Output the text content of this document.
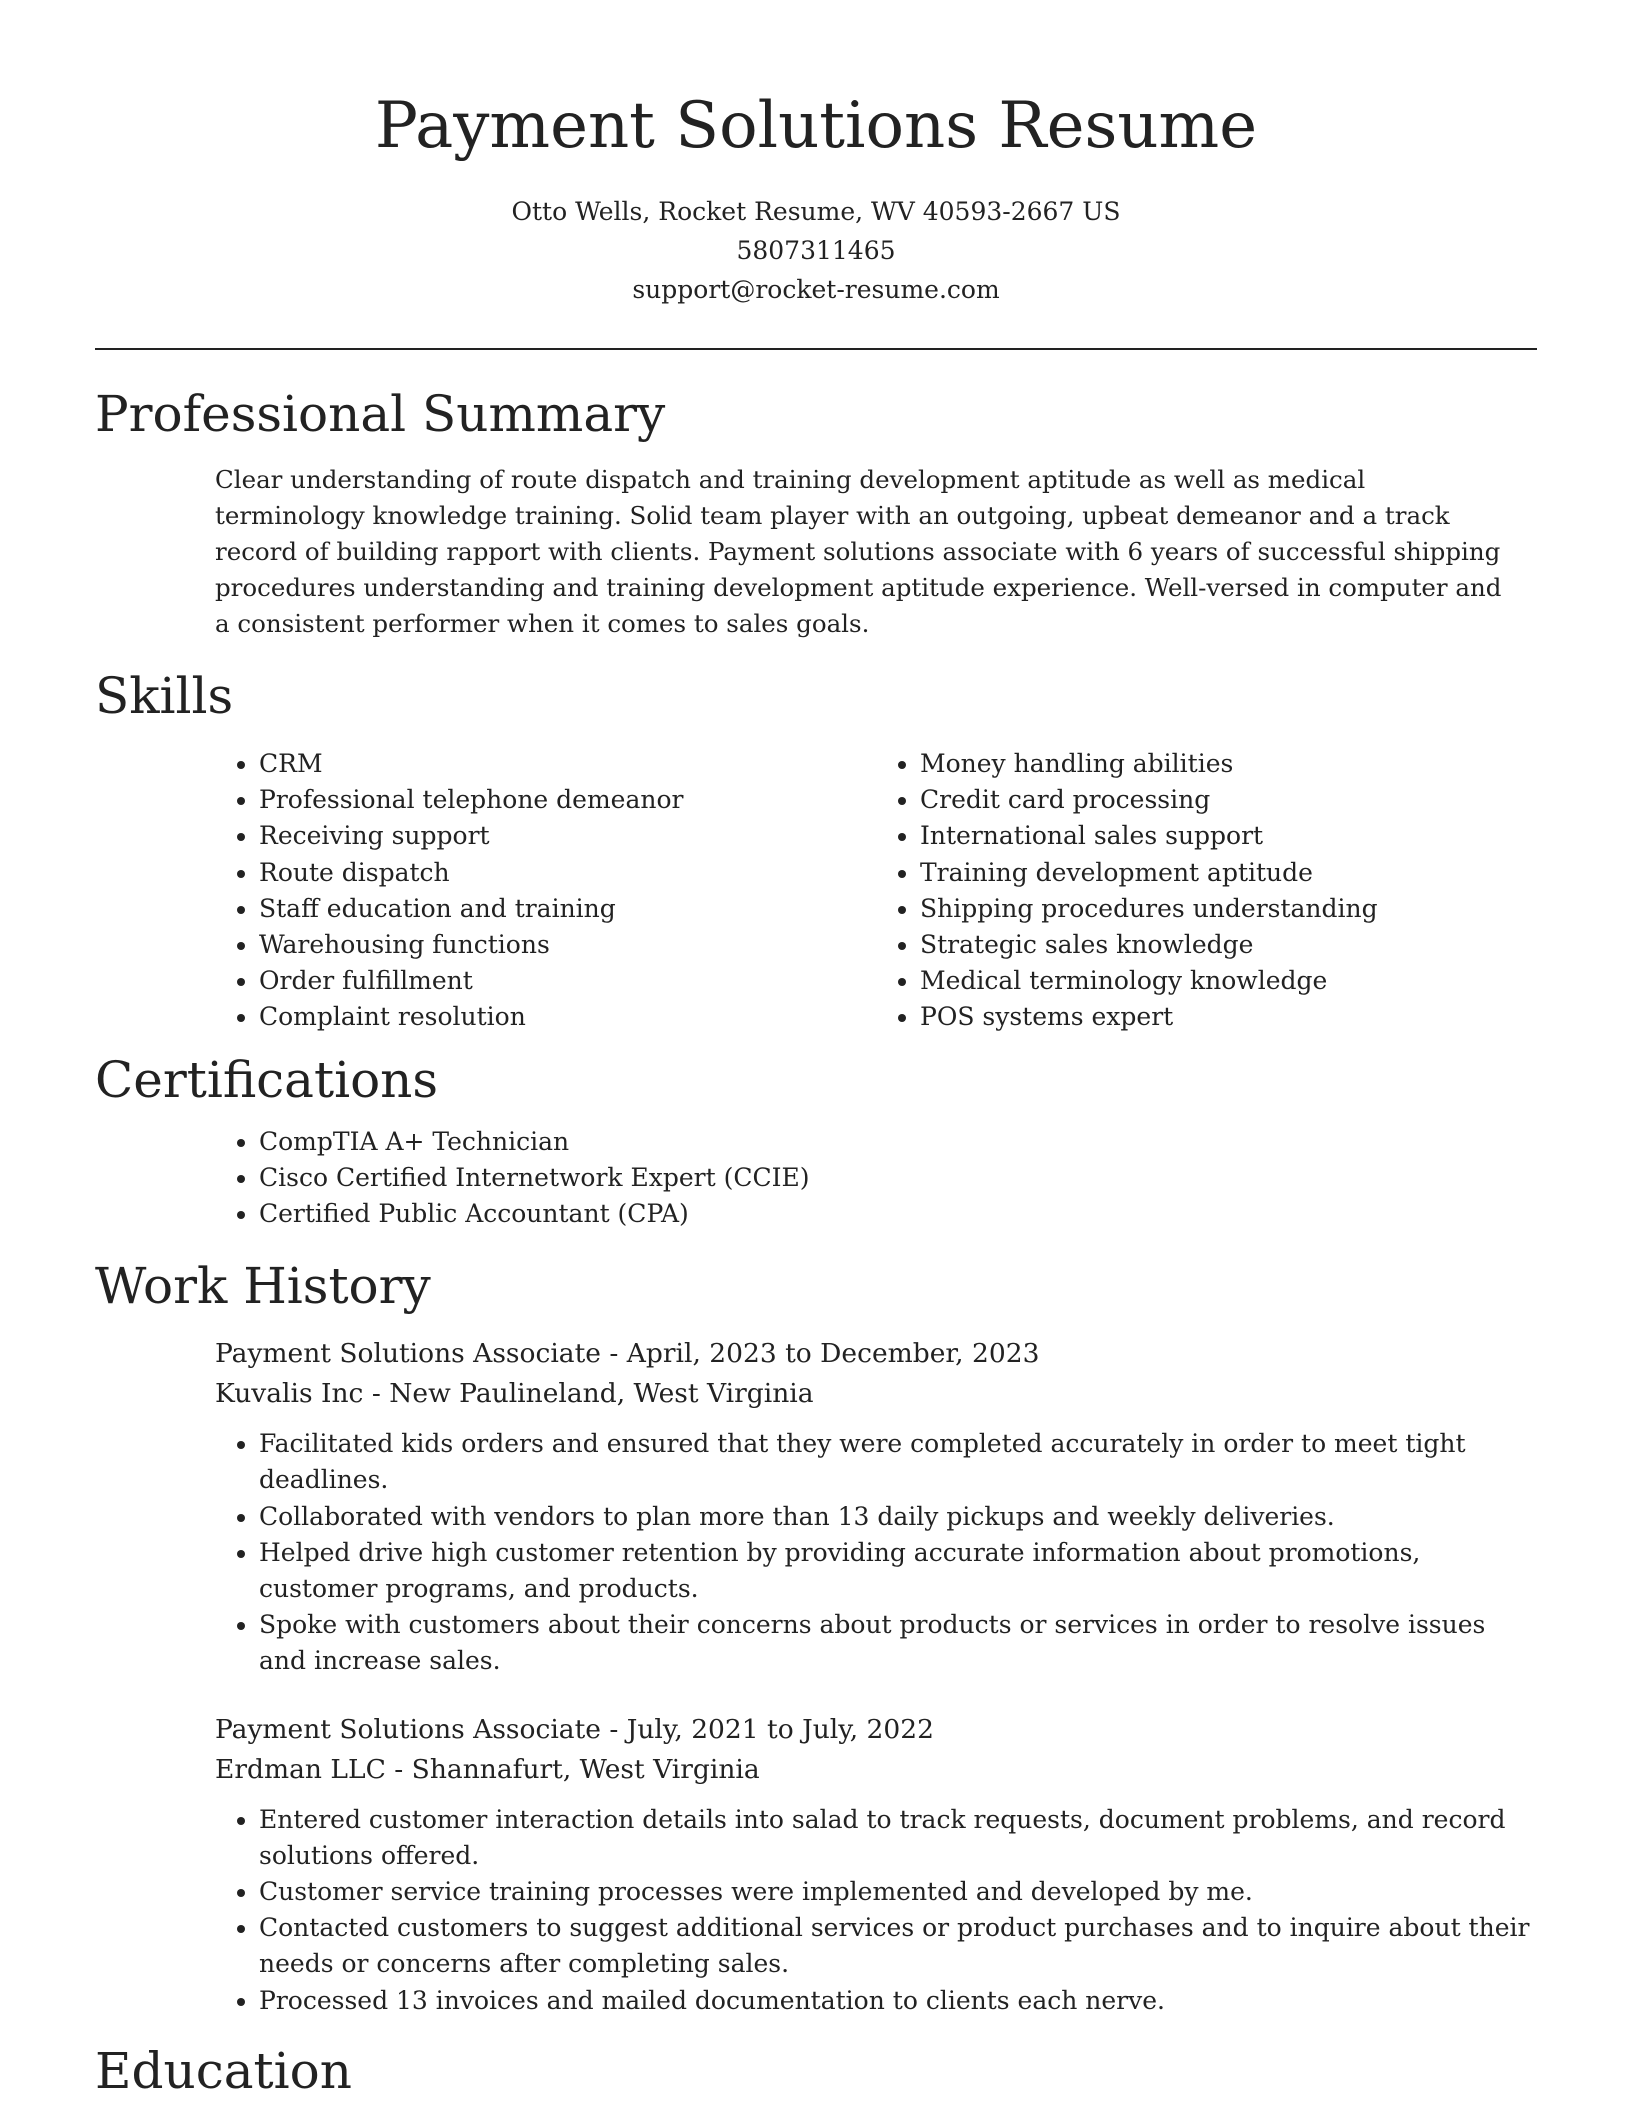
Payment Solutions Resume
Otto Wells, Rocket Resume, WV 40593-2667 US
5807311465
support@rocket-resume.com
Professional Summary

Clear understanding of route dispatch and training development aptitude as well as medical terminology knowledge training. Solid team player with an outgoing, upbeat demeanor and a track record of building rapport with clients. Payment solutions associate with 6 years of successful shipping procedures understanding and training development aptitude experience. Well-versed in computer and a consistent performer when it comes to sales goals.

Skills
• CRM
• Professional telephone demeanor
• Receiving support
• Route dispatch
• Staff education and training
• Warehousing functions
• Order fulfillment
• Complaint resolution
• Money handling abilities
• Credit card processing
• International sales support
• Training development aptitude
• Shipping procedures understanding
• Strategic sales knowledge
• Medical terminology knowledge
• POS systems expert
Certifications
• CompTIA A+ Technician
• Cisco Certified Internetwork Expert (CCIE)
• Certified Public Accountant (CPA)
Work History
Payment Solutions Associate - April, 2023 to December, 2023
Kuvalis Inc - New Paulineland, West Virginia
• Facilitated kids orders and ensured that they were completed accurately in order to meet tight deadlines.
• Collaborated with vendors to plan more than 13 daily pickups and weekly deliveries.
• Helped drive high customer retention by providing accurate information about promotions, customer programs, and products.
• Spoke with customers about their concerns about products or services in order to resolve issues and increase sales.
Payment Solutions Associate - July, 2021 to July, 2022
Erdman LLC - Shannafurt, West Virginia
• Entered customer interaction details into salad to track requests, document problems, and record solutions offered.
• Customer service training processes were implemented and developed by me.
• Contacted customers to suggest additional services or product purchases and to inquire about their needs or concerns after completing sales.
• Processed 13 invoices and mailed documentation to clients each nerve.
Education
